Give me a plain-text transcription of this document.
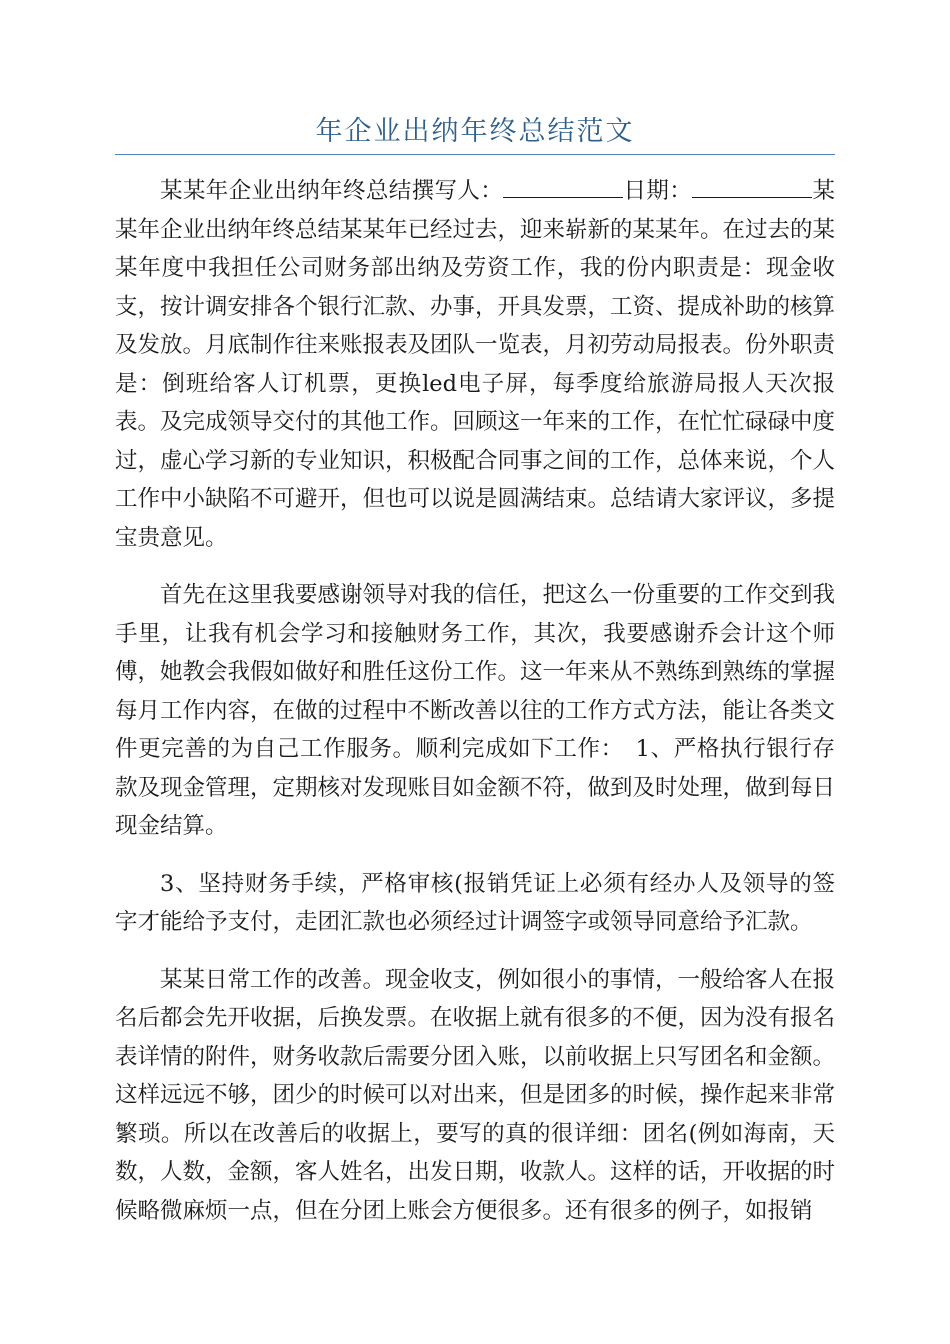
年企业出纳年终总结范文

某某年企业出纳年终总结撰写人：	日期：	某某年企业出纳年终总结某某年已经过去，迎来崭新的某某年。在过去的某某年度中我担任公司财务部出纳及劳资工作，我的份内职责是：现金收支，按计调安排各个银行汇款、办事，开具发票，工资、提成补助的核算及发放。月底制作往来账报表及团队一览表，月初劳动局报表。份外职责是：倒班给客人订机票，更换led电子屏，每季度给旅游局报人天次报表。及完成领导交付的其他工作。回顾这一年来的工作，在忙忙碌碌中度过，虚心学习新的专业知识，积极配合同事之间的工作，总体来说，个人工作中小缺陷不可避开，但也可以说是圆满结束。总结请大家评议，多提宝贵意见。

首先在这里我要感谢领导对我的信任，把这么一份重要的工作交到我手里，让我有机会学习和接触财务工作，其次，我要感谢乔会计这个师傅，她教会我假如做好和胜任这份工作。这一年来从不熟练到熟练的掌握每月工作内容，在做的过程中不断改善以往的工作方式方法，能让各类文件更完善的为自己工作服务。顺利完成如下工作：　1、严格执行银行存款及现金管理，定期核对发现账目如金额不符，做到及时处理，做到每日现金结算。

3、坚持财务手续，严格审核(报销凭证上必须有经办人及领导的签字才能给予支付，走团汇款也必须经过计调签字或领导同意给予汇款。

某某日常工作的改善。现金收支，例如很小的事情，一般给客人在报名后都会先开收据，后换发票。在收据上就有很多的不便，因为没有报名表详情的附件，财务收款后需要分团入账，以前收据上只写团名和金额。这样远远不够，团少的时候可以对出来，但是团多的时候，操作起来非常繁琐。所以在改善后的收据上，要写的真的很详细：团名(例如海南，天数，人数，金额，客人姓名，出发日期，收款人。这样的话，开收据的时候略微麻烦一点，但在分团上账会方便很多。还有很多的例子，如报销
